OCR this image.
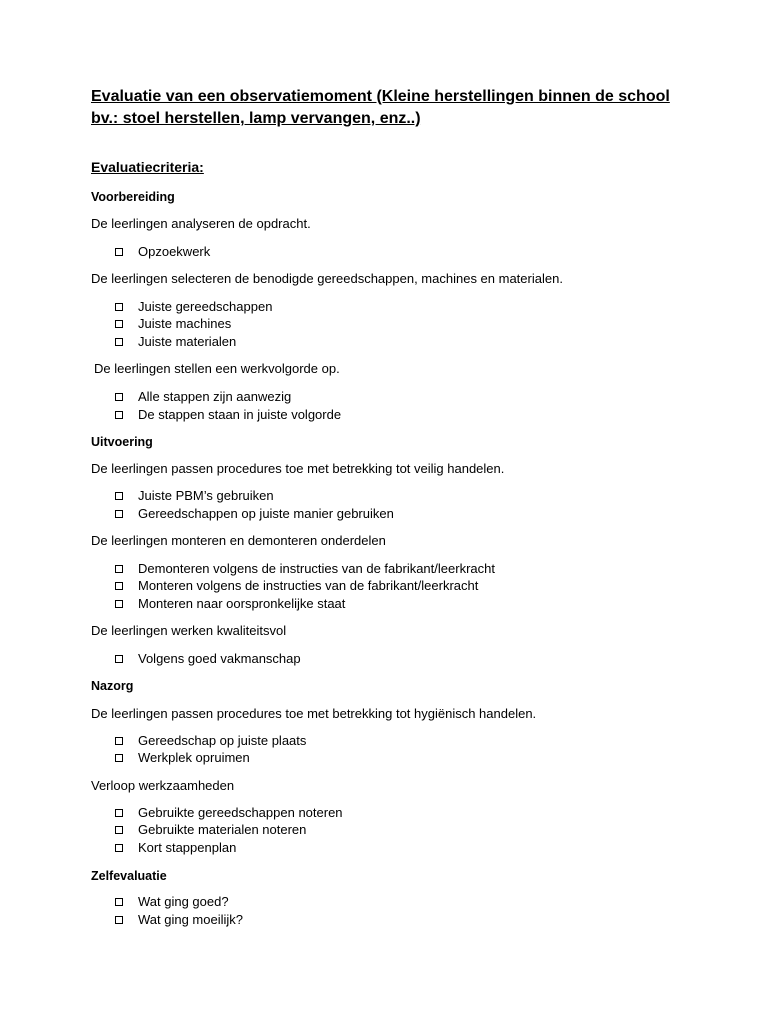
Evaluatie van een observatiemoment (Kleine herstellingen binnen de school bv.: stoel herstellen, lamp vervangen, enz..)
Evaluatiecriteria:
Voorbereiding
De leerlingen analyseren de opdracht.
Opzoekwerk
De leerlingen selecteren de benodigde gereedschappen, machines en materialen.
Juiste gereedschappen
Juiste machines
Juiste materialen
De leerlingen stellen een werkvolgorde op.
Alle stappen zijn aanwezig
De stappen staan in juiste volgorde
Uitvoering
De leerlingen passen procedures toe met betrekking tot veilig handelen.
Juiste PBM’s gebruiken
Gereedschappen op juiste manier gebruiken
De leerlingen monteren en demonteren onderdelen
Demonteren volgens de instructies van de fabrikant/leerkracht
Monteren volgens de instructies van de fabrikant/leerkracht
Monteren naar oorspronkelijke staat
De leerlingen werken kwaliteitsvol
Volgens goed vakmanschap
Nazorg
De leerlingen passen procedures toe met betrekking tot hygiënisch handelen.
Gereedschap op juiste plaats
Werkplek opruimen
Verloop werkzaamheden
Gebruikte gereedschappen noteren
Gebruikte materialen noteren
Kort stappenplan
Zelfevaluatie
Wat ging goed?
Wat ging moeilijk?
